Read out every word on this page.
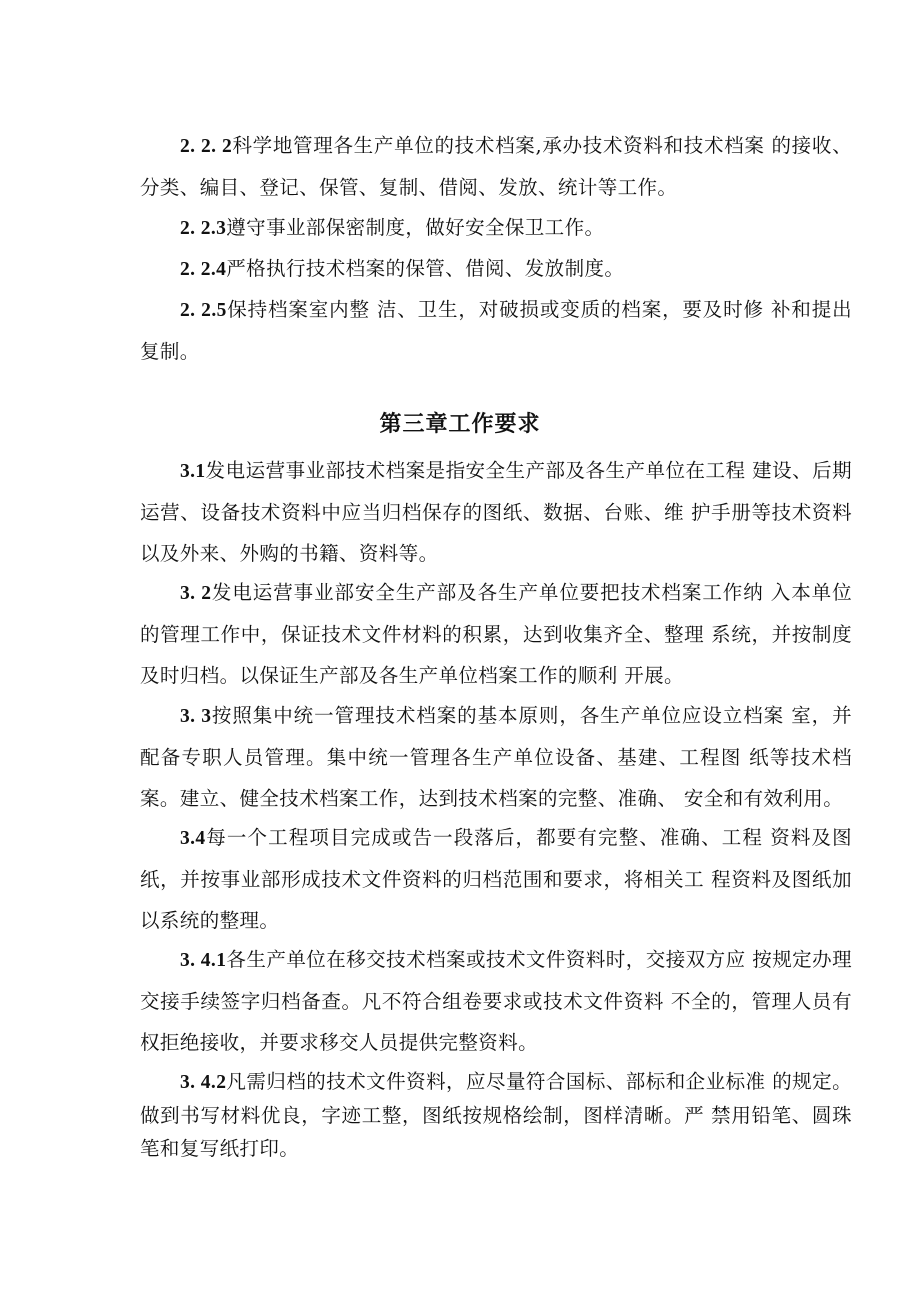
2. 2. 2科学地管理各生产单位的技术档案,承办技术资料和技术档案 的接收、分类、编目、登记、保管、复制、借阅、发放、统计等工作。

2. 2.3遵守事业部保密制度，做好安全保卫工作。

2. 2.4严格执行技术档案的保管、借阅、发放制度。

2. 2.5保持档案室内整 洁、卫生，对破损或变质的档案，要及时修 补和提出复制。

第三章工作要求

3.1发电运营事业部技术档案是指安全生产部及各生产单位在工程 建设、后期运营、设备技术资料中应当归档保存的图纸、数据、台账、维 护手册等技术资料以及外来、外购的书籍、资料等。

3. 2发电运营事业部安全生产部及各生产单位要把技术档案工作纳 入本单位的管理工作中，保证技术文件材料的积累，达到收集齐全、整理 系统，并按制度及时归档。以保证生产部及各生产单位档案工作的顺利 开展。

3. 3按照集中统一管理技术档案的基本原则，各生产单位应设立档案 室，并配备专职人员管理。集中统一管理各生产单位设备、基建、工程图 纸等技术档案。建立、健全技术档案工作，达到技术档案的完整、准确、 安全和有效利用。

3.4每一个工程项目完成或告一段落后，都要有完整、准确、工程 资料及图纸，并按事业部形成技术文件资料的归档范围和要求，将相关工 程资料及图纸加以系统的整理。

3. 4.1各生产单位在移交技术档案或技术文件资料时，交接双方应 按规定办理交接手续签字归档备查。凡不符合组卷要求或技术文件资料 不全的，管理人员有权拒绝接收，并要求移交人员提供完整资料。

3. 4.2凡需归档的技术文件资料，应尽量符合国标、部标和企业标准 的规定。做到书写材料优良，字迹工整，图纸按规格绘制，图样清晰。严 禁用铅笔、圆珠笔和复写纸打印。
